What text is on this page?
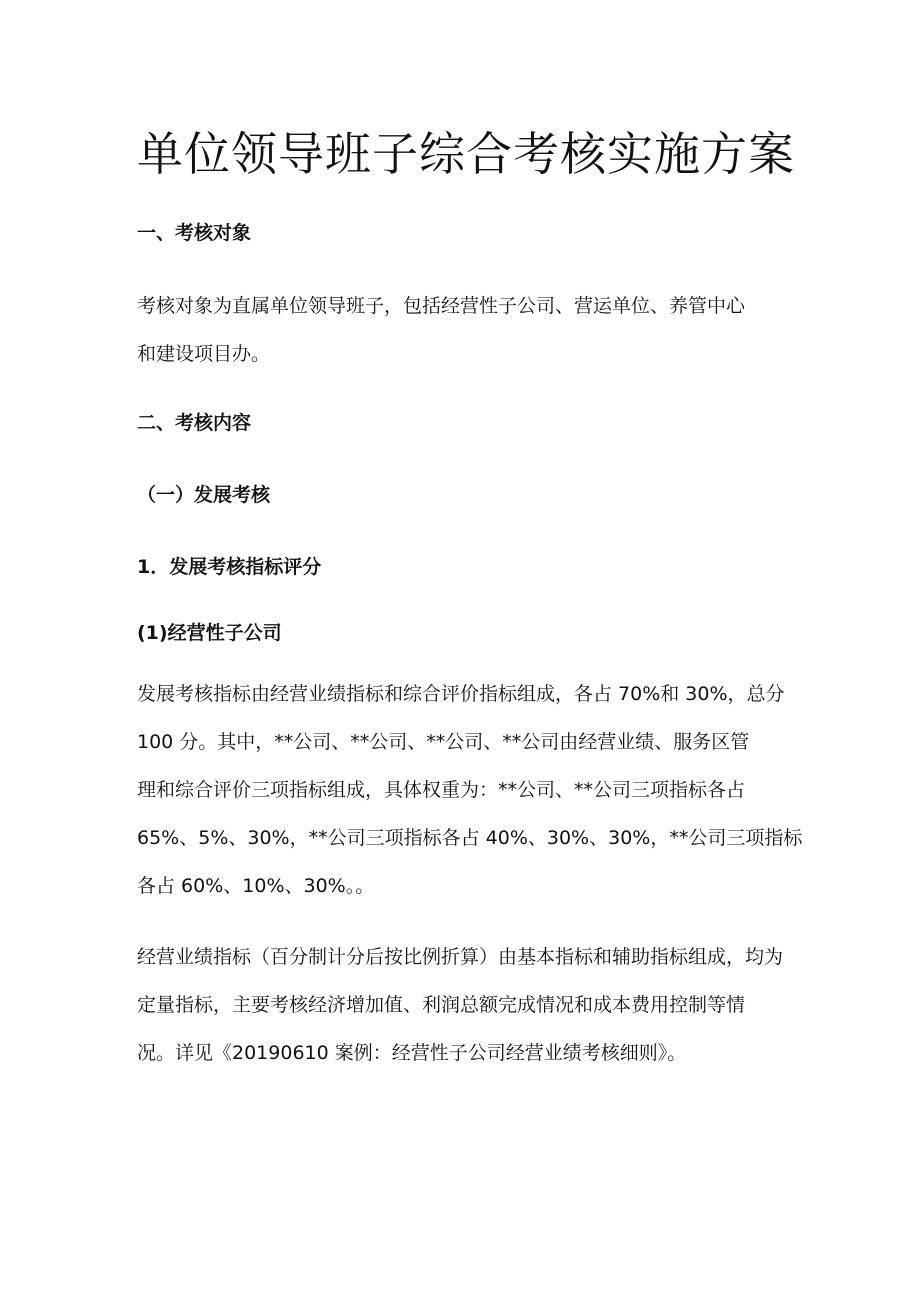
单位领导班子综合考核实施方案
一、考核对象

考核对象为直属单位领导班子，包括经营性子公司、营运单位、养管中心
和建设项目办。

二、考核内容
（一）发展考核
1．发展考核指标评分
(1)经营性子公司

发展考核指标由经营业绩指标和综合评价指标组成，各占 70%和 30%，总分
100 分。其中，**公司、**公司、**公司、**公司由经营业绩、服务区管
理和综合评价三项指标组成，具体权重为：**公司、**公司三项指标各占
65%、5%、30%，**公司三项指标各占 40%、30%、30%，**公司三项指标
各占 60%、10%、30%。。

经营业绩指标（百分制计分后按比例折算）由基本指标和辅助指标组成，均为
定量指标，主要考核经济增加值、利润总额完成情况和成本费用控制等情
况。详见《20190610 案例：经营性子公司经营业绩考核细则》。
